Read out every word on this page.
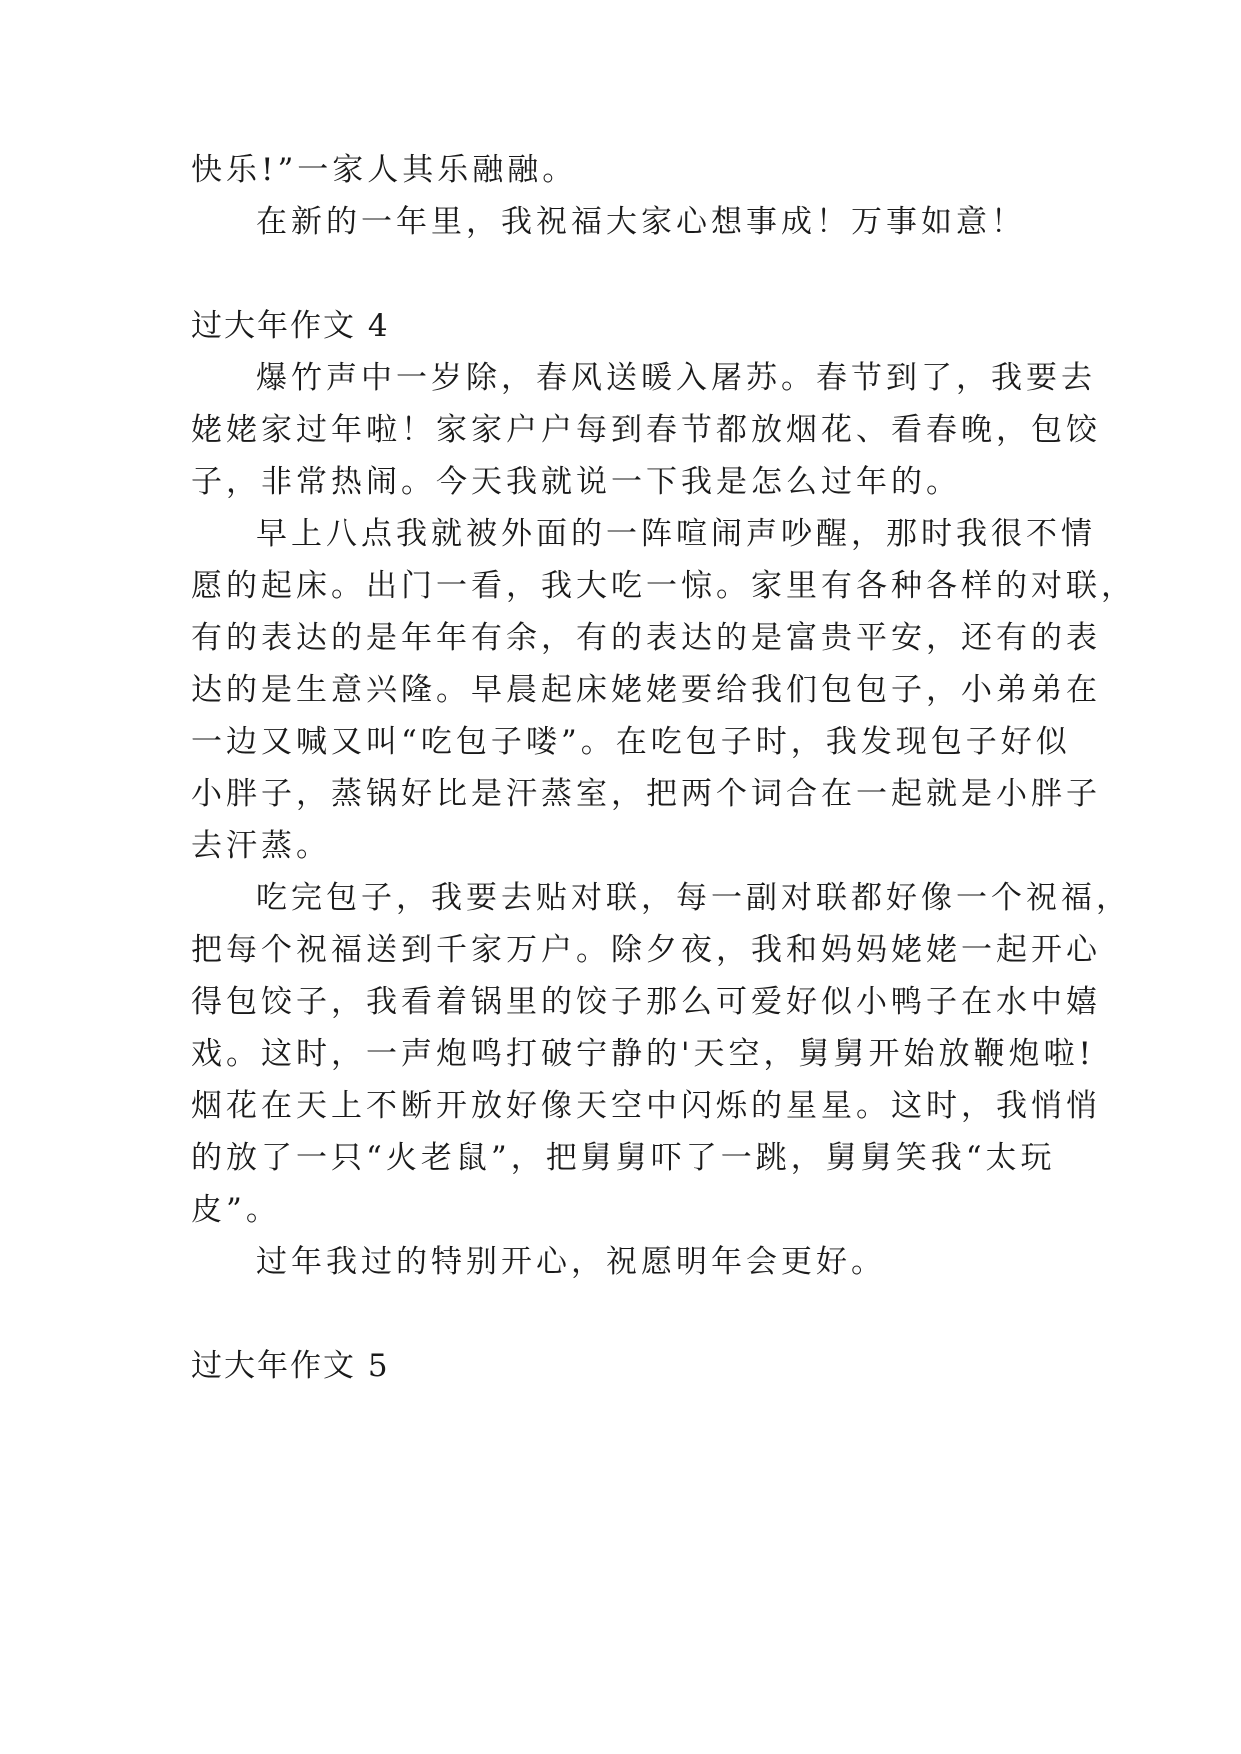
快乐!”一家人其乐融融。
在新的一年里，我祝福大家心想事成！万事如意！
过大年作文 4
爆竹声中一岁除，春风送暖入屠苏。春节到了，我要去
姥姥家过年啦！家家户户每到春节都放烟花、看春晚，包饺
子，非常热闹。今天我就说一下我是怎么过年的。
早上八点我就被外面的一阵喧闹声吵醒，那时我很不情
愿的起床。出门一看，我大吃一惊。家里有各种各样的对联，
有的表达的是年年有余，有的表达的是富贵平安，还有的表
达的是生意兴隆。早晨起床姥姥要给我们包包子，小弟弟在
一边又喊又叫“吃包子喽”。在吃包子时，我发现包子好似
小胖子，蒸锅好比是汗蒸室，把两个词合在一起就是小胖子
去汗蒸。
吃完包子，我要去贴对联，每一副对联都好像一个祝福，
把每个祝福送到千家万户。除夕夜，我和妈妈姥姥一起开心
得包饺子，我看着锅里的饺子那么可爱好似小鸭子在水中嬉
戏。这时，一声炮鸣打破宁静的'天空，舅舅开始放鞭炮啦!
烟花在天上不断开放好像天空中闪烁的星星。这时，我悄悄
的放了一只“火老鼠”，把舅舅吓了一跳，舅舅笑我“太玩
皮”。
过年我过的特别开心，祝愿明年会更好。
过大年作文 5
